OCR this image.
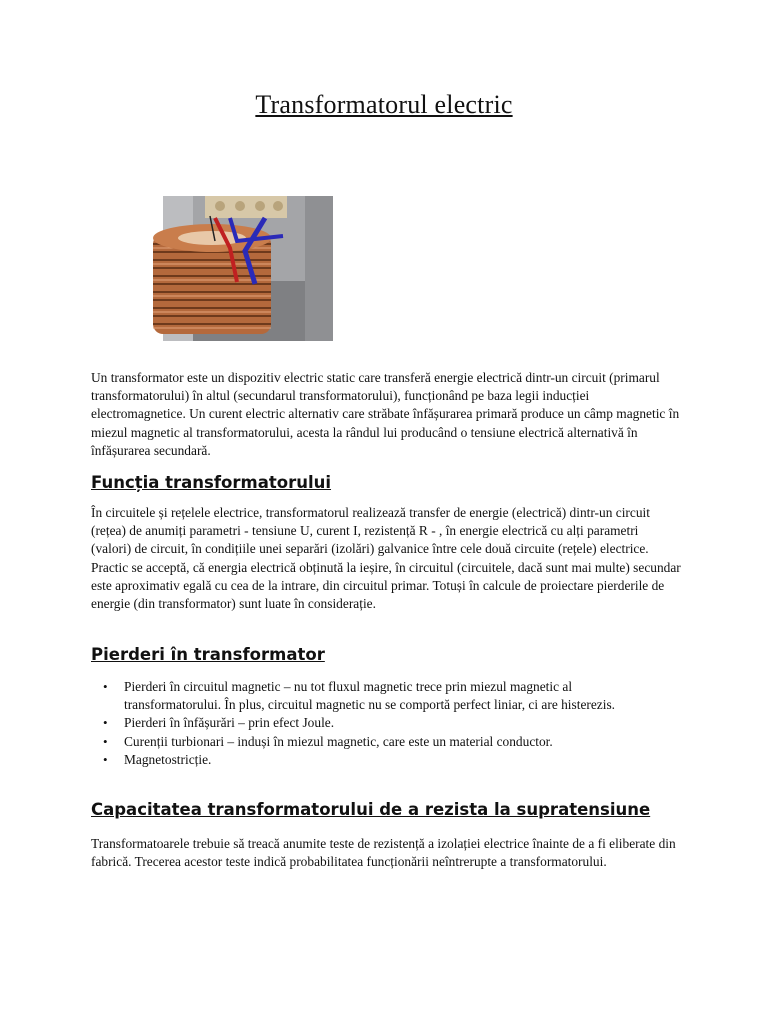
Transformatorul electric

Un transformator este un dispozitiv electric static care transferă energie electrică dintr-un circuit (primarul transformatorului) în altul (secundarul transformatorului), funcționând pe baza legii inducției electromagnetice. Un curent electric alternativ care străbate înfășurarea primară produce un câmp magnetic în miezul magnetic al transformatorului, acesta la rândul lui producând o tensiune electrică alternativă în înfășurarea secundară.

Funcția transformatorului

În circuitele și rețelele electrice, transformatorul realizează transfer de energie (electrică) dintr-un circuit (rețea) de anumiți parametri - tensiune U, curent I, rezistență R - , în energie electrică cu alți parametri (valori) de circuit, în condițiile unei separări (izolări) galvanice între cele două circuite (rețele) electrice. Practic se acceptă, că energia electrică obținută la ieșire, în circuitul (circuitele, dacă sunt mai multe) secundar este aproximativ egală cu cea de la intrare, din circuitul primar. Totuși în calcule de proiectare pierderile de energie (din transformator) sunt luate în considerație.

Pierderi în transformator
• Pierderi în circuitul magnetic – nu tot fluxul magnetic trece prin miezul magnetic al transformatorului. În plus, circuitul magnetic nu se comportă perfect liniar, ci are histerezis.
• Pierderi în înfășurări – prin efect Joule.
• Curenții turbionari – induși în miezul magnetic, care este un material conductor.
• Magnetostricție.
Capacitatea transformatorului de a rezista la supratensiune

Transformatoarele trebuie să treacă anumite teste de rezistență a izolației electrice înainte de a fi eliberate din fabrică. Trecerea acestor teste indică probabilitatea funcționării neîntrerupte a transformatorului.
